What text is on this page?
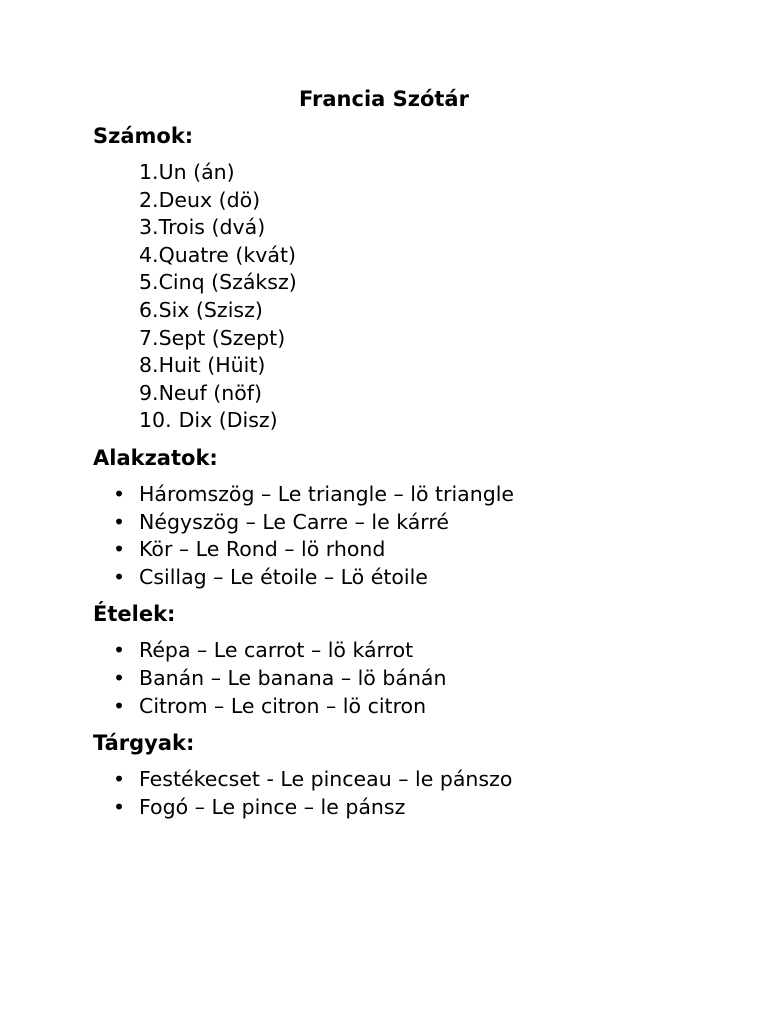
Francia Szótár
Számok:
1.Un (án)
2.Deux (dö)
3.Trois (dvá)
4.Quatre (kvát)
5.Cinq (Száksz)
6.Six (Szisz)
7.Sept (Szept)
8.Huit (Hüit)
9.Neuf (nöf)
10. Dix (Disz)
Alakzatok:
• Háromszög – Le triangle – lö triangle
• Négyszög – Le Carre – le kárré
• Kör – Le Rond – lö rhond
• Csillag – Le étoile – Lö étoile
Ételek:
• Répa – Le carrot – lö kárrot
• Banán – Le banana – lö bánán
• Citrom – Le citron – lö citron
Tárgyak:
• Festékecset - Le pinceau – le pánszo
• Fogó – Le pince – le pánsz
